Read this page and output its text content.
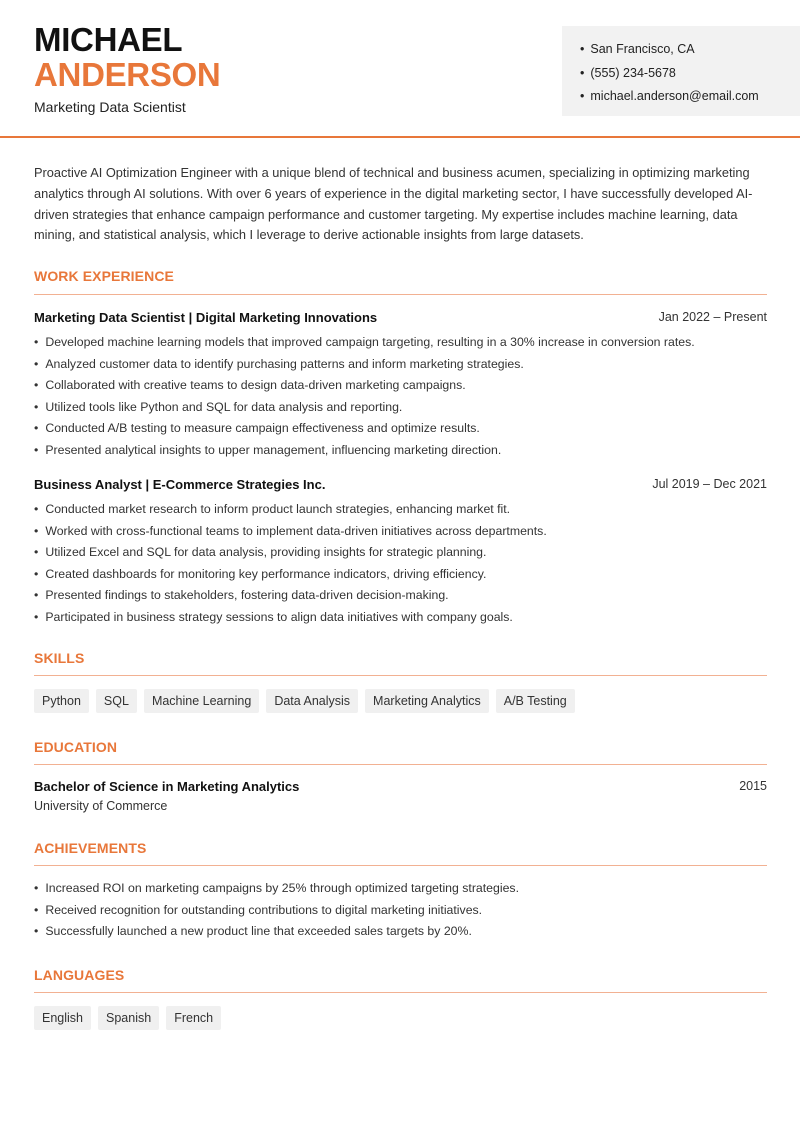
MICHAEL
ANDERSON
Marketing Data Scientist
• San Francisco, CA
• (555) 234-5678
• michael.anderson@email.com
Proactive AI Optimization Engineer with a unique blend of technical and business acumen, specializing in optimizing marketing analytics through AI solutions. With over 6 years of experience in the digital marketing sector, I have successfully developed AI-driven strategies that enhance campaign performance and customer targeting. My expertise includes machine learning, data mining, and statistical analysis, which I leverage to derive actionable insights from large datasets.
WORK EXPERIENCE
Marketing Data Scientist | Digital Marketing Innovations	Jan 2022 – Present
• Developed machine learning models that improved campaign targeting, resulting in a 30% increase in conversion rates.
• Analyzed customer data to identify purchasing patterns and inform marketing strategies.
• Collaborated with creative teams to design data-driven marketing campaigns.
• Utilized tools like Python and SQL for data analysis and reporting.
• Conducted A/B testing to measure campaign effectiveness and optimize results.
• Presented analytical insights to upper management, influencing marketing direction.
Business Analyst | E-Commerce Strategies Inc.	Jul 2019 – Dec 2021
• Conducted market research to inform product launch strategies, enhancing market fit.
• Worked with cross-functional teams to implement data-driven initiatives across departments.
• Utilized Excel and SQL for data analysis, providing insights for strategic planning.
• Created dashboards for monitoring key performance indicators, driving efficiency.
• Presented findings to stakeholders, fostering data-driven decision-making.
• Participated in business strategy sessions to align data initiatives with company goals.
SKILLS
Python	SQL	Machine Learning	Data Analysis	Marketing Analytics	A/B Testing
EDUCATION
Bachelor of Science in Marketing Analytics	2015
University of Commerce
ACHIEVEMENTS
• Increased ROI on marketing campaigns by 25% through optimized targeting strategies.
• Received recognition for outstanding contributions to digital marketing initiatives.
• Successfully launched a new product line that exceeded sales targets by 20%.
LANGUAGES
English	Spanish	French
